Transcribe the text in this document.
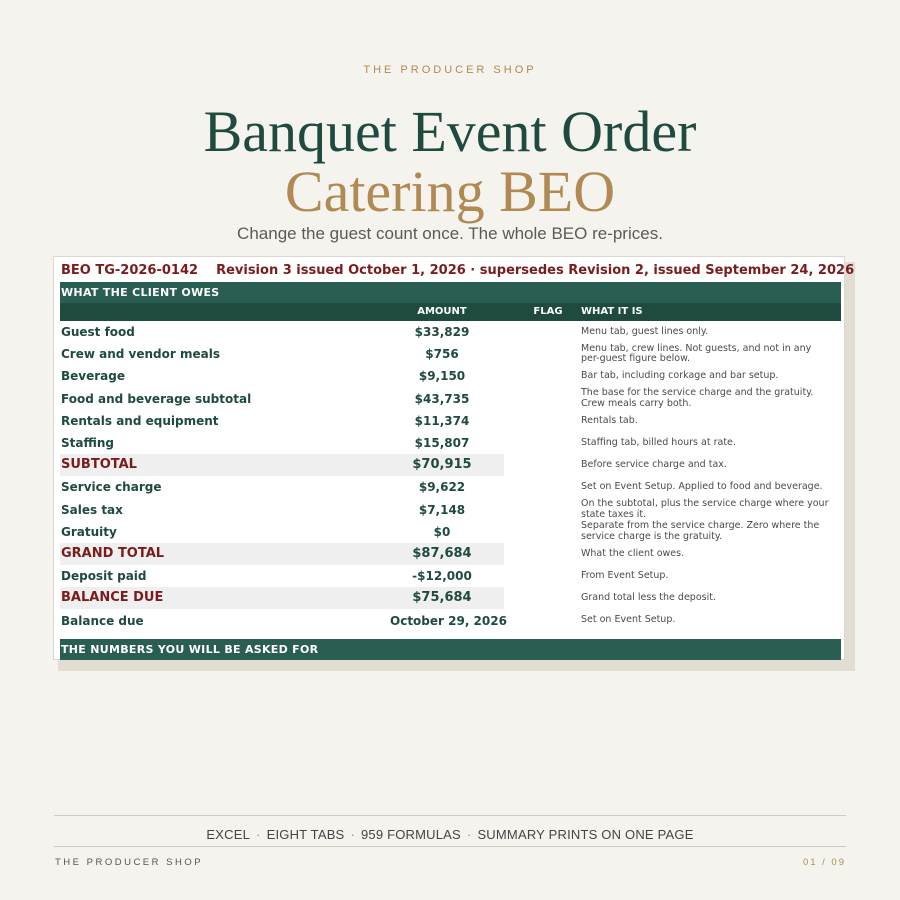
THE PRODUCER SHOP
Banquet Event Order
Catering BEO
Change the guest count once. The whole BEO re-prices.
BEO TG-2026-0142 Revision 3 issued October 1, 2026 · supersedes Revision 2, issued September 24, 2026
WHAT THE CLIENT OWES
AMOUNT	FLAG	WHAT IT IS
Guest food	$33,829	Menu tab, guest lines only.
Crew and vendor meals	$756	Menu tab, crew lines. Not guests, and not in any per-guest figure below.
Beverage	$9,150	Bar tab, including corkage and bar setup.
Food and beverage subtotal	$43,735	The base for the service charge and the gratuity. Crew meals carry both.
Rentals and equipment	$11,374	Rentals tab.
Staffing	$15,807	Staffing tab, billed hours at rate.
SUBTOTAL	$70,915	Before service charge and tax.
Service charge	$9,622	Set on Event Setup. Applied to food and beverage.
Sales tax	$7,148	On the subtotal, plus the service charge where your state taxes it.
Gratuity	$0	Separate from the service charge. Zero where the service charge is the gratuity.
GRAND TOTAL	$87,684	What the client owes.
Deposit paid	-$12,000	From Event Setup.
BALANCE DUE	$75,684	Grand total less the deposit.
Balance due	October 29, 2026	Set on Event Setup.
THE NUMBERS YOU WILL BE ASKED FOR
EXCEL · EIGHT TABS · 959 FORMULAS · SUMMARY PRINTS ON ONE PAGE
THE PRODUCER SHOP	01 / 09
